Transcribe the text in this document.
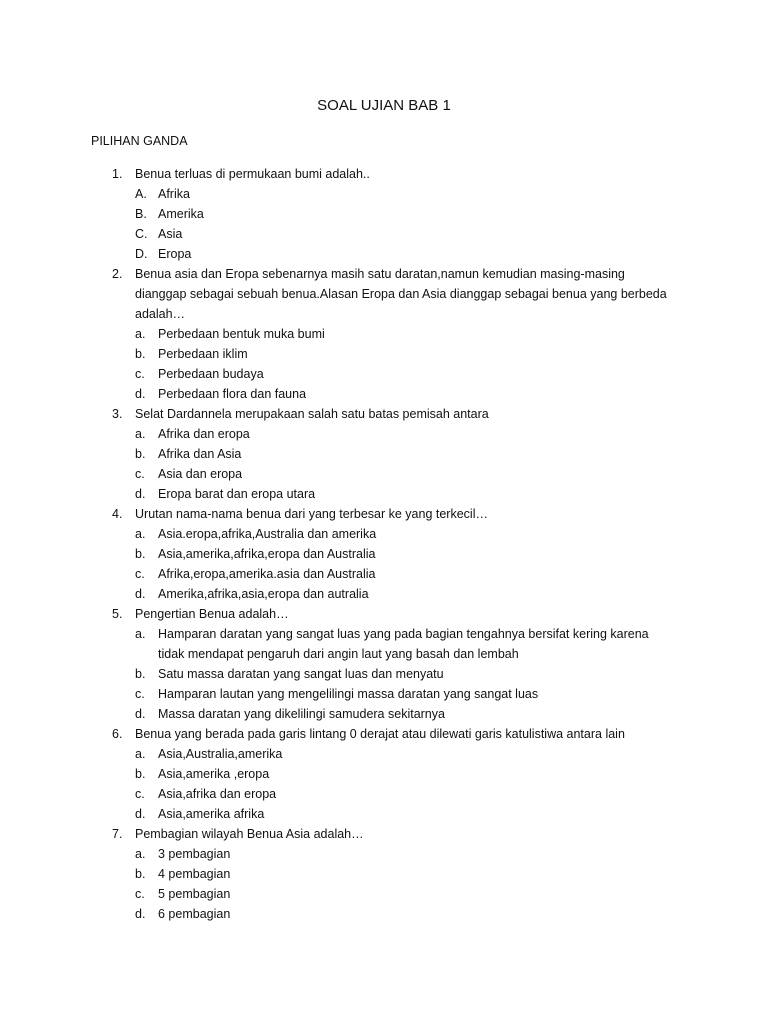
SOAL UJIAN BAB 1
PILIHAN GANDA
1.	Benua terluas di permukaan bumi adalah..
A. Afrika
B. Amerika
C. Asia
D. Eropa
2.	Benua asia dan Eropa sebenarnya masih satu daratan,namun kemudian masing-masing dianggap sebagai sebuah benua.Alasan Eropa dan Asia dianggap sebagai benua yang berbeda adalah…
a.	Perbedaan bentuk muka bumi
b.	Perbedaan iklim
c.	Perbedaan budaya
d.	Perbedaan flora dan fauna
3.	Selat Dardannela merupakaan salah satu batas pemisah antara
a.	Afrika dan eropa
b.	Afrika dan Asia
c.	Asia dan eropa
d.	Eropa barat dan eropa utara
4.	Urutan nama-nama benua dari yang terbesar ke yang terkecil…
a.	Asia.eropa,afrika,Australia dan amerika
b.	Asia,amerika,afrika,eropa dan Australia
c.	Afrika,eropa,amerika.asia dan Australia
d.	Amerika,afrika,asia,eropa dan autralia
5.	Pengertian Benua adalah…
a.	Hamparan daratan yang sangat luas yang pada bagian tengahnya bersifat kering karena tidak mendapat pengaruh dari angin laut yang basah dan lembah
b.	Satu massa daratan yang sangat luas dan menyatu
c.	Hamparan lautan yang mengelilingi massa daratan yang sangat luas
d.	Massa daratan yang dikelilingi samudera sekitarnya
6.	Benua yang berada pada garis lintang 0 derajat atau dilewati garis katulistiwa antara lain
a.	Asia,Australia,amerika
b.	Asia,amerika ,eropa
c.	Asia,afrika dan eropa
d.	Asia,amerika afrika
7.	Pembagian wilayah Benua Asia adalah…
a.	3 pembagian
b.	4 pembagian
c.	5 pembagian
d.	6 pembagian
